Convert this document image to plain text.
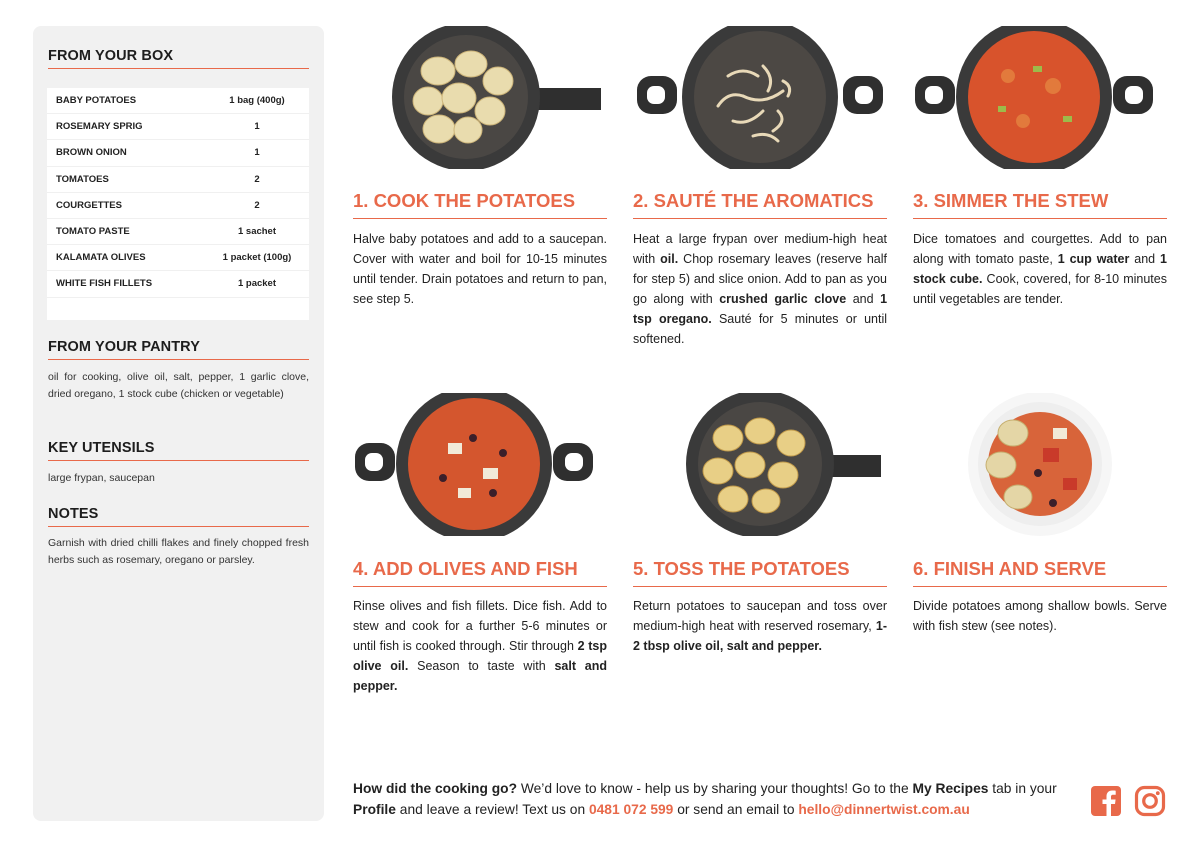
FROM YOUR BOX
BABY POTATOES	1 bag (400g)
ROSEMARY SPRIG	1
BROWN ONION	1
TOMATOES	2
COURGETTES	2
TOMATO PASTE	1 sachet
KALAMATA OLIVES	1 packet (100g)
WHITE FISH FILLETS	1 packet
FROM YOUR PANTRY
oil for cooking, olive oil, salt, pepper, 1 garlic clove, dried oregano, 1 stock cube (chicken or vegetable)
KEY UTENSILS
large frypan, saucepan
NOTES
Garnish with dried chilli flakes and finely chopped fresh herbs such as rosemary, oregano or parsley.
1. COOK THE POTATOES
Halve baby potatoes and add to a saucepan. Cover with water and boil for 10-15 minutes until tender. Drain potatoes and return to pan, see step 5.
2. SAUTÉ THE AROMATICS
Heat a large frypan over medium-high heat with oil. Chop rosemary leaves (reserve half for step 5) and slice onion. Add to pan as you go along with crushed garlic clove and 1 tsp oregano. Sauté for 5 minutes or until softened.
3. SIMMER THE STEW
Dice tomatoes and courgettes. Add to pan along with tomato paste, 1 cup water and 1 stock cube. Cook, covered, for 8-10 minutes until vegetables are tender.
4. ADD OLIVES AND FISH
Rinse olives and fish fillets. Dice fish. Add to stew and cook for a further 5-6 minutes or until fish is cooked through. Stir through 2 tsp olive oil. Season to taste with salt and pepper.
5. TOSS THE POTATOES
Return potatoes to saucepan and toss over medium-high heat with reserved rosemary, 1-2 tbsp olive oil, salt and pepper.
6. FINISH AND SERVE
Divide potatoes among shallow bowls. Serve with fish stew (see notes).
How did the cooking go? We’d love to know - help us by sharing your thoughts! Go to the My Recipes tab in your Profile and leave a review! Text us on 0481 072 599 or send an email to hello@dinnertwist.com.au
